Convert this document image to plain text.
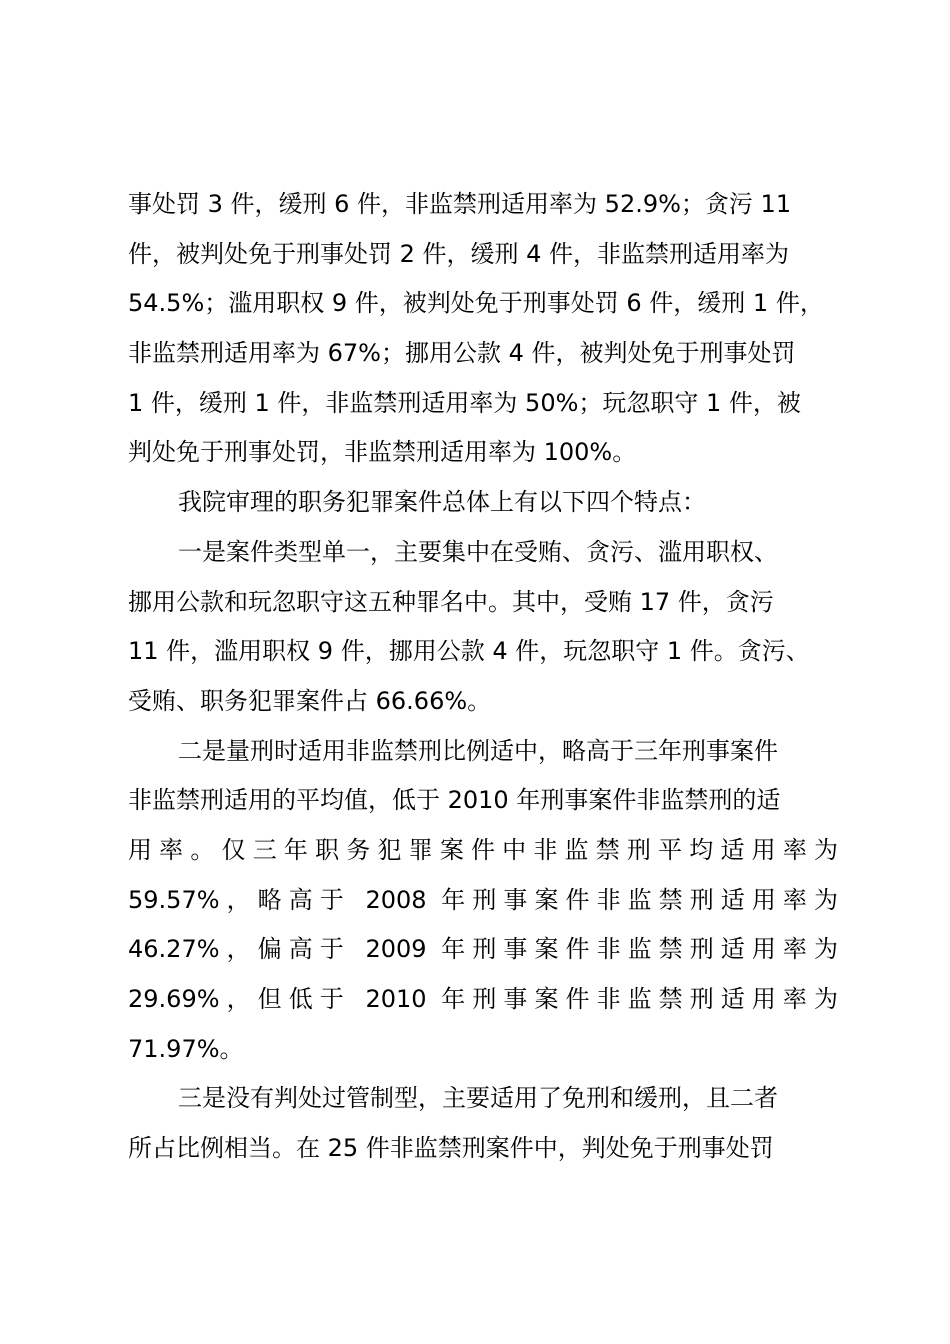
事处罚 3 件，缓刑 6 件，非监禁刑适用率为 52.9%；贪污 11
件，被判处免于刑事处罚 2 件，缓刑 4 件，非监禁刑适用率为
54.5%；滥用职权 9 件，被判处免于刑事处罚 6 件，缓刑 1 件，
非监禁刑适用率为 67%；挪用公款 4 件，被判处免于刑事处罚
1 件，缓刑 1 件，非监禁刑适用率为 50%；玩忽职守 1 件，被
判处免于刑事处罚，非监禁刑适用率为 100%。
我院审理的职务犯罪案件总体上有以下四个特点：
一是案件类型单一，主要集中在受贿、贪污、滥用职权、
挪用公款和玩忽职守这五种罪名中。其中，受贿 17 件，贪污
11 件，滥用职权 9 件，挪用公款 4 件，玩忽职守 1 件。贪污、
受贿、职务犯罪案件占 66.66%。
二是量刑时适用非监禁刑比例适中，略高于三年刑事案件
非监禁刑适用的平均值，低于 2010 年刑事案件非监禁刑的适
用率。仅三年职务犯罪案件中非监禁刑平均适用率为
59.57%，略高于 2008 年刑事案件非监禁刑适用率为
46.27%，偏高于 2009 年刑事案件非监禁刑适用率为
29.69%，但低于 2010 年刑事案件非监禁刑适用率为
71.97%。
三是没有判处过管制型，主要适用了免刑和缓刑，且二者
所占比例相当。在 25 件非监禁刑案件中，判处免于刑事处罚
